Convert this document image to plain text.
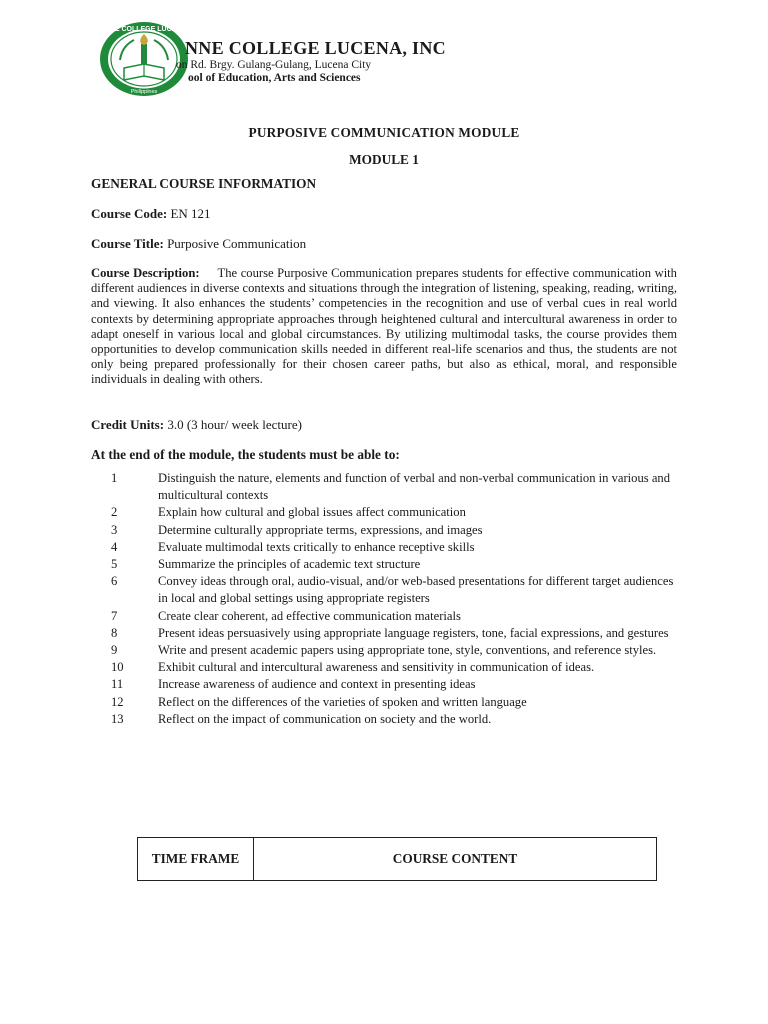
ST. ANNE COLLEGE LUCENA INC
Philippines
NNE COLLEGE LUCENA, INC
on Rd. Brgy. Gulang-Gulang, Lucena City
ool of Education, Arts and Sciences
PURPOSIVE COMMUNICATION MODULE
MODULE 1
GENERAL COURSE INFORMATION
Course Code: EN 121
Course Title: Purposive Communication
Course Description: The course Purposive Communication prepares students for effective communication with different audiences in diverse contexts and situations through the integration of listening, speaking, reading, writing, and viewing. It also enhances the students’ competencies in the recognition and use of verbal cues in real world contexts by determining appropriate approaches through heightened cultural and intercultural awareness in order to adapt oneself in various local and global circumstances. By utilizing multimodal tasks, the course provides them opportunities to develop communication skills needed in different real-life scenarios and thus, the students are not only being prepared professionally for their chosen career paths, but also as ethical, moral, and responsible individuals in dealing with others.
Credit Units: 3.0 (3 hour/ week lecture)
At the end of the module, the students must be able to:
1	Distinguish the nature, elements and function of verbal and non-verbal communication in various and multicultural contexts
2	Explain how cultural and global issues affect communication
3	Determine culturally appropriate terms, expressions, and images
4	Evaluate multimodal texts critically to enhance receptive skills
5	Summarize the principles of academic text structure
6	Convey ideas through oral, audio-visual, and/or web-based presentations for different target audiences in local and global settings using appropriate registers
7	Create clear coherent, ad effective communication materials
8	Present ideas persuasively using appropriate language registers, tone, facial expressions, and gestures
9	Write and present academic papers using appropriate tone, style, conventions, and reference styles.
10	Exhibit cultural and intercultural awareness and sensitivity in communication of ideas.
11	Increase awareness of audience and context in presenting ideas
12	Reflect on the differences of the varieties of spoken and written language
13	Reflect on the impact of communication on society and the world.
TIME FRAME	COURSE CONTENT
